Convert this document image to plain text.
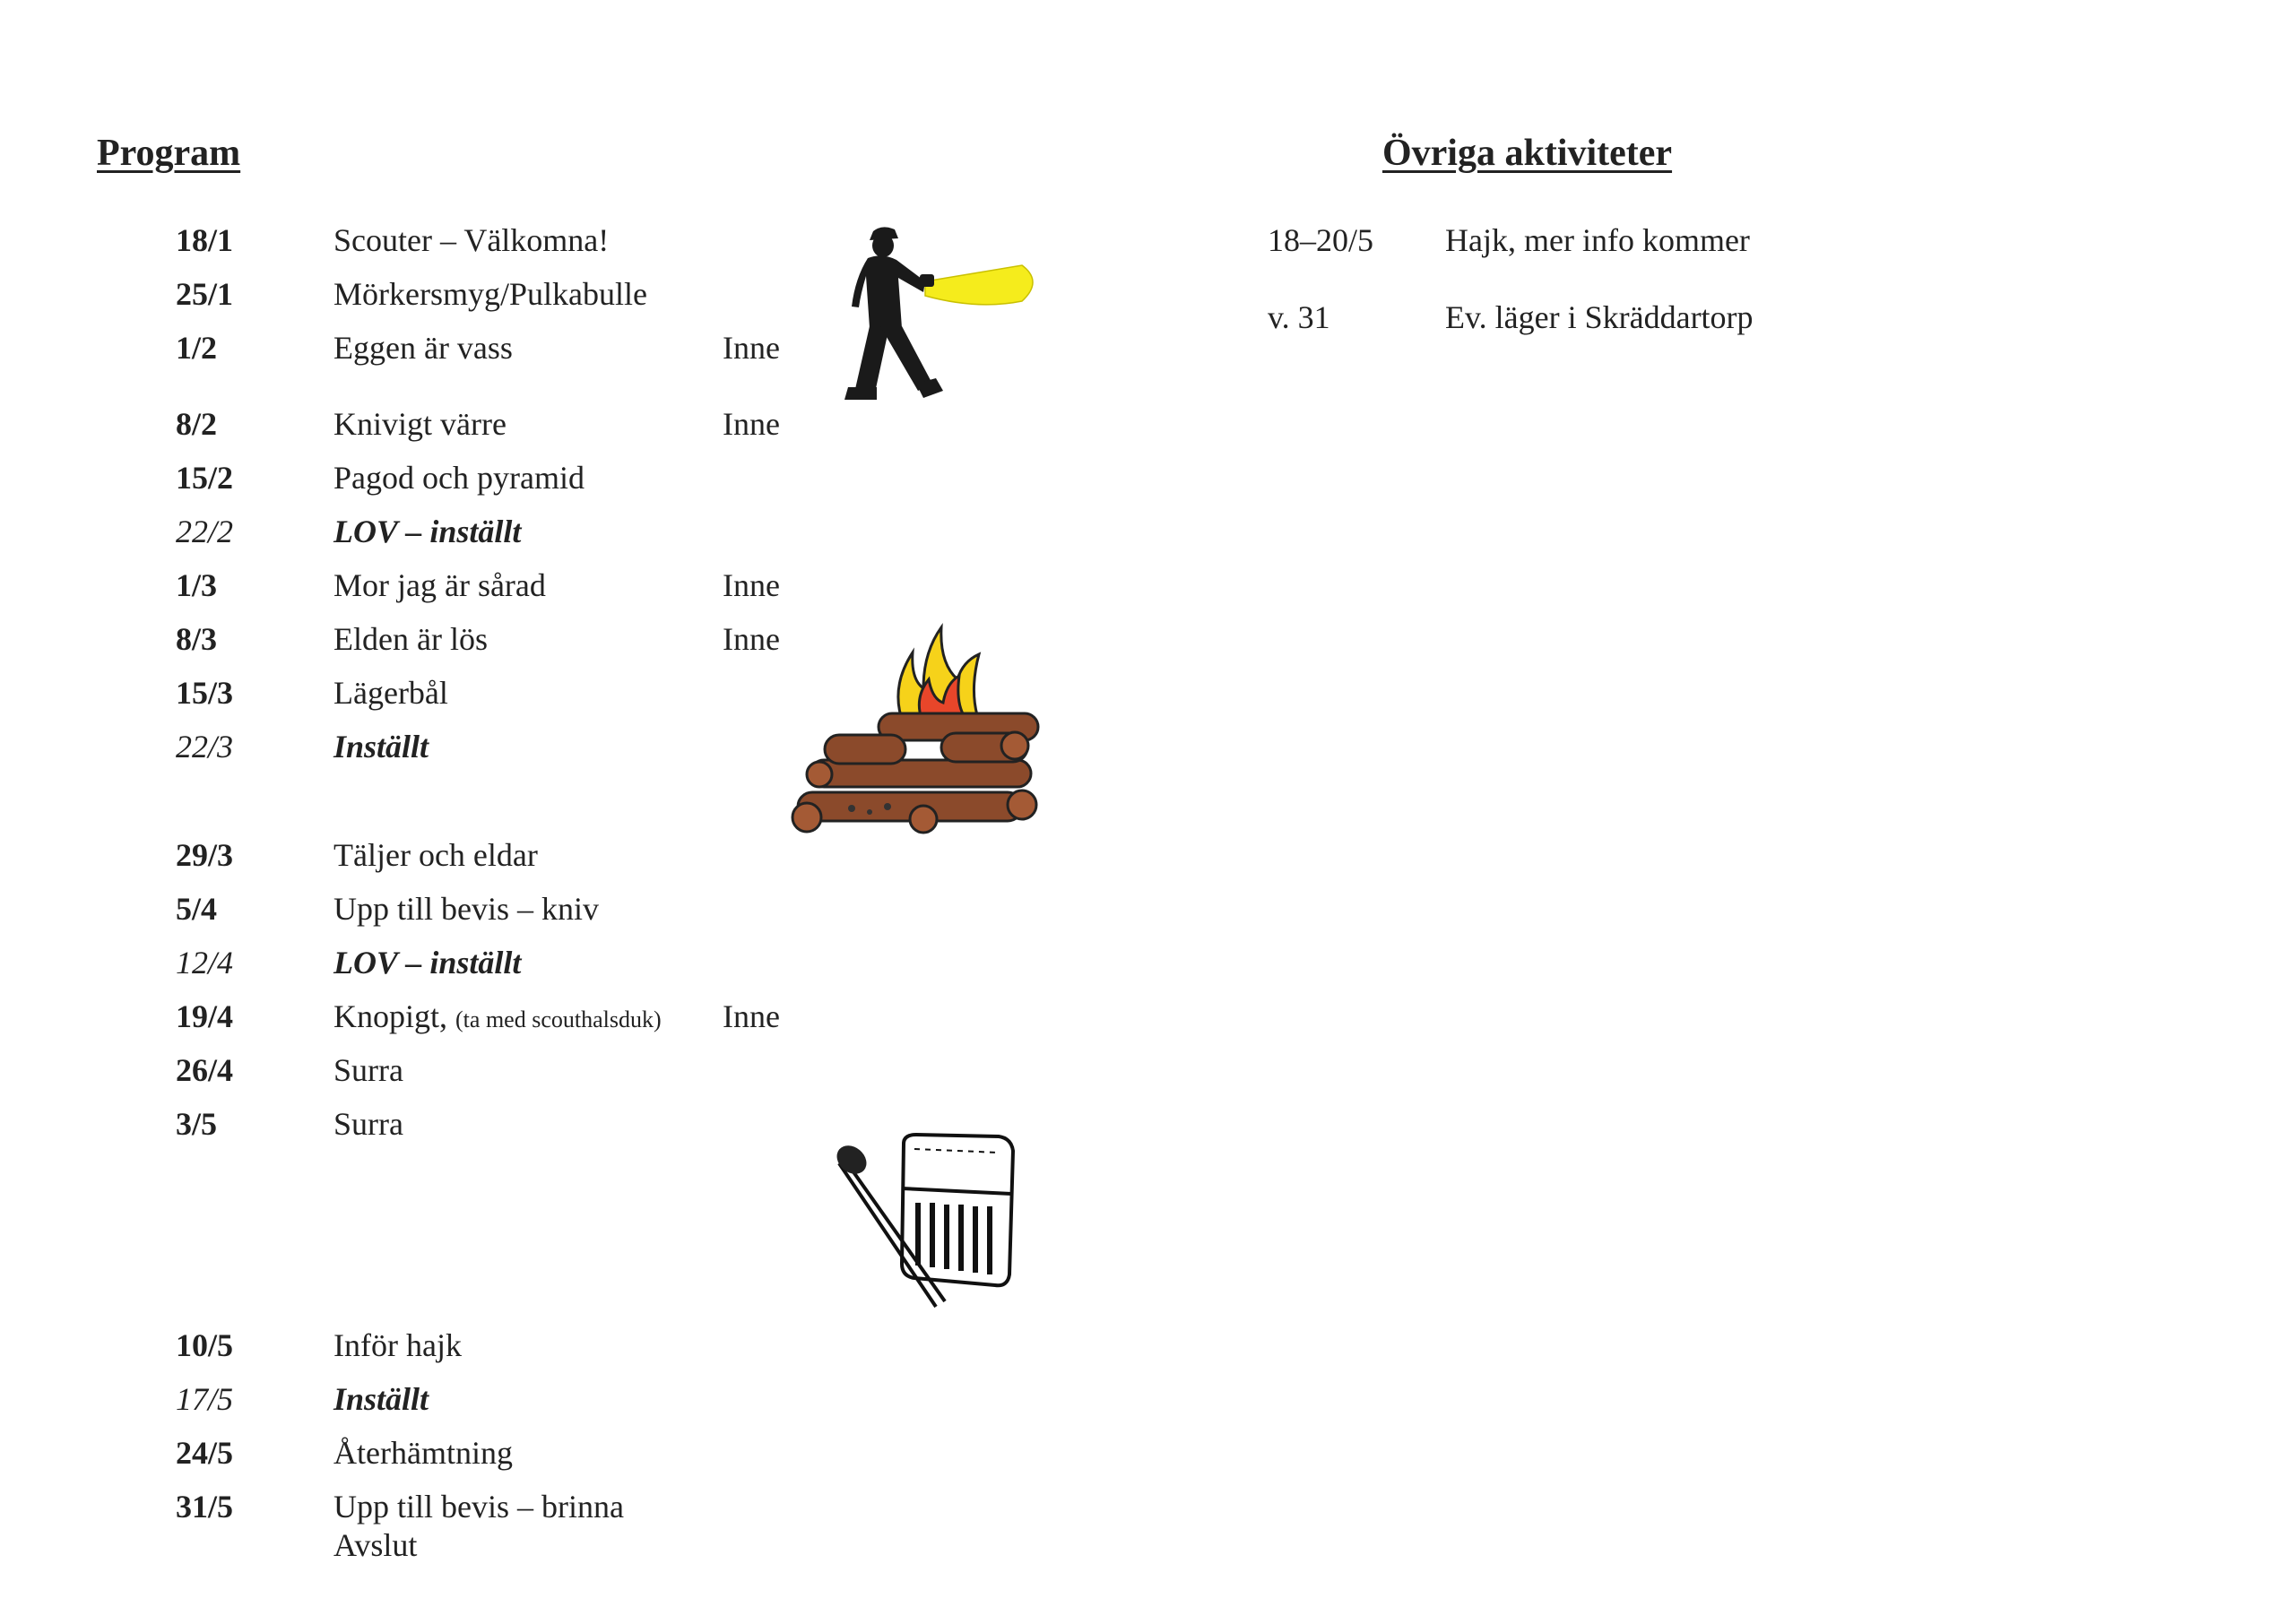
Program	Övriga aktiviteter
18/1	Scouter – Välkomna!
25/1	Mörkersmyg/Pulkabulle
1/2	Eggen är vass	Inne
8/2	Knivigt värre	Inne
15/2	Pagod och pyramid
22/2	LOV – inställt
1/3	Mor jag är sårad	Inne
8/3	Elden är lös	Inne
15/3	Lägerbål
22/3	Inställt
29/3	Täljer och eldar
5/4	Upp till bevis – kniv
12/4	LOV – inställt
19/4	Knopigt, (ta med scouthalsduk) Inne
26/4	Surra
3/5	Surra
10/5	Inför hajk
17/5	Inställt
24/5	Återhämtning
31/5	Upp till bevis – brinna
Avslut
18–20/5 Hajk, mer info kommer
v. 31	Ev. läger i Skräddartorp
